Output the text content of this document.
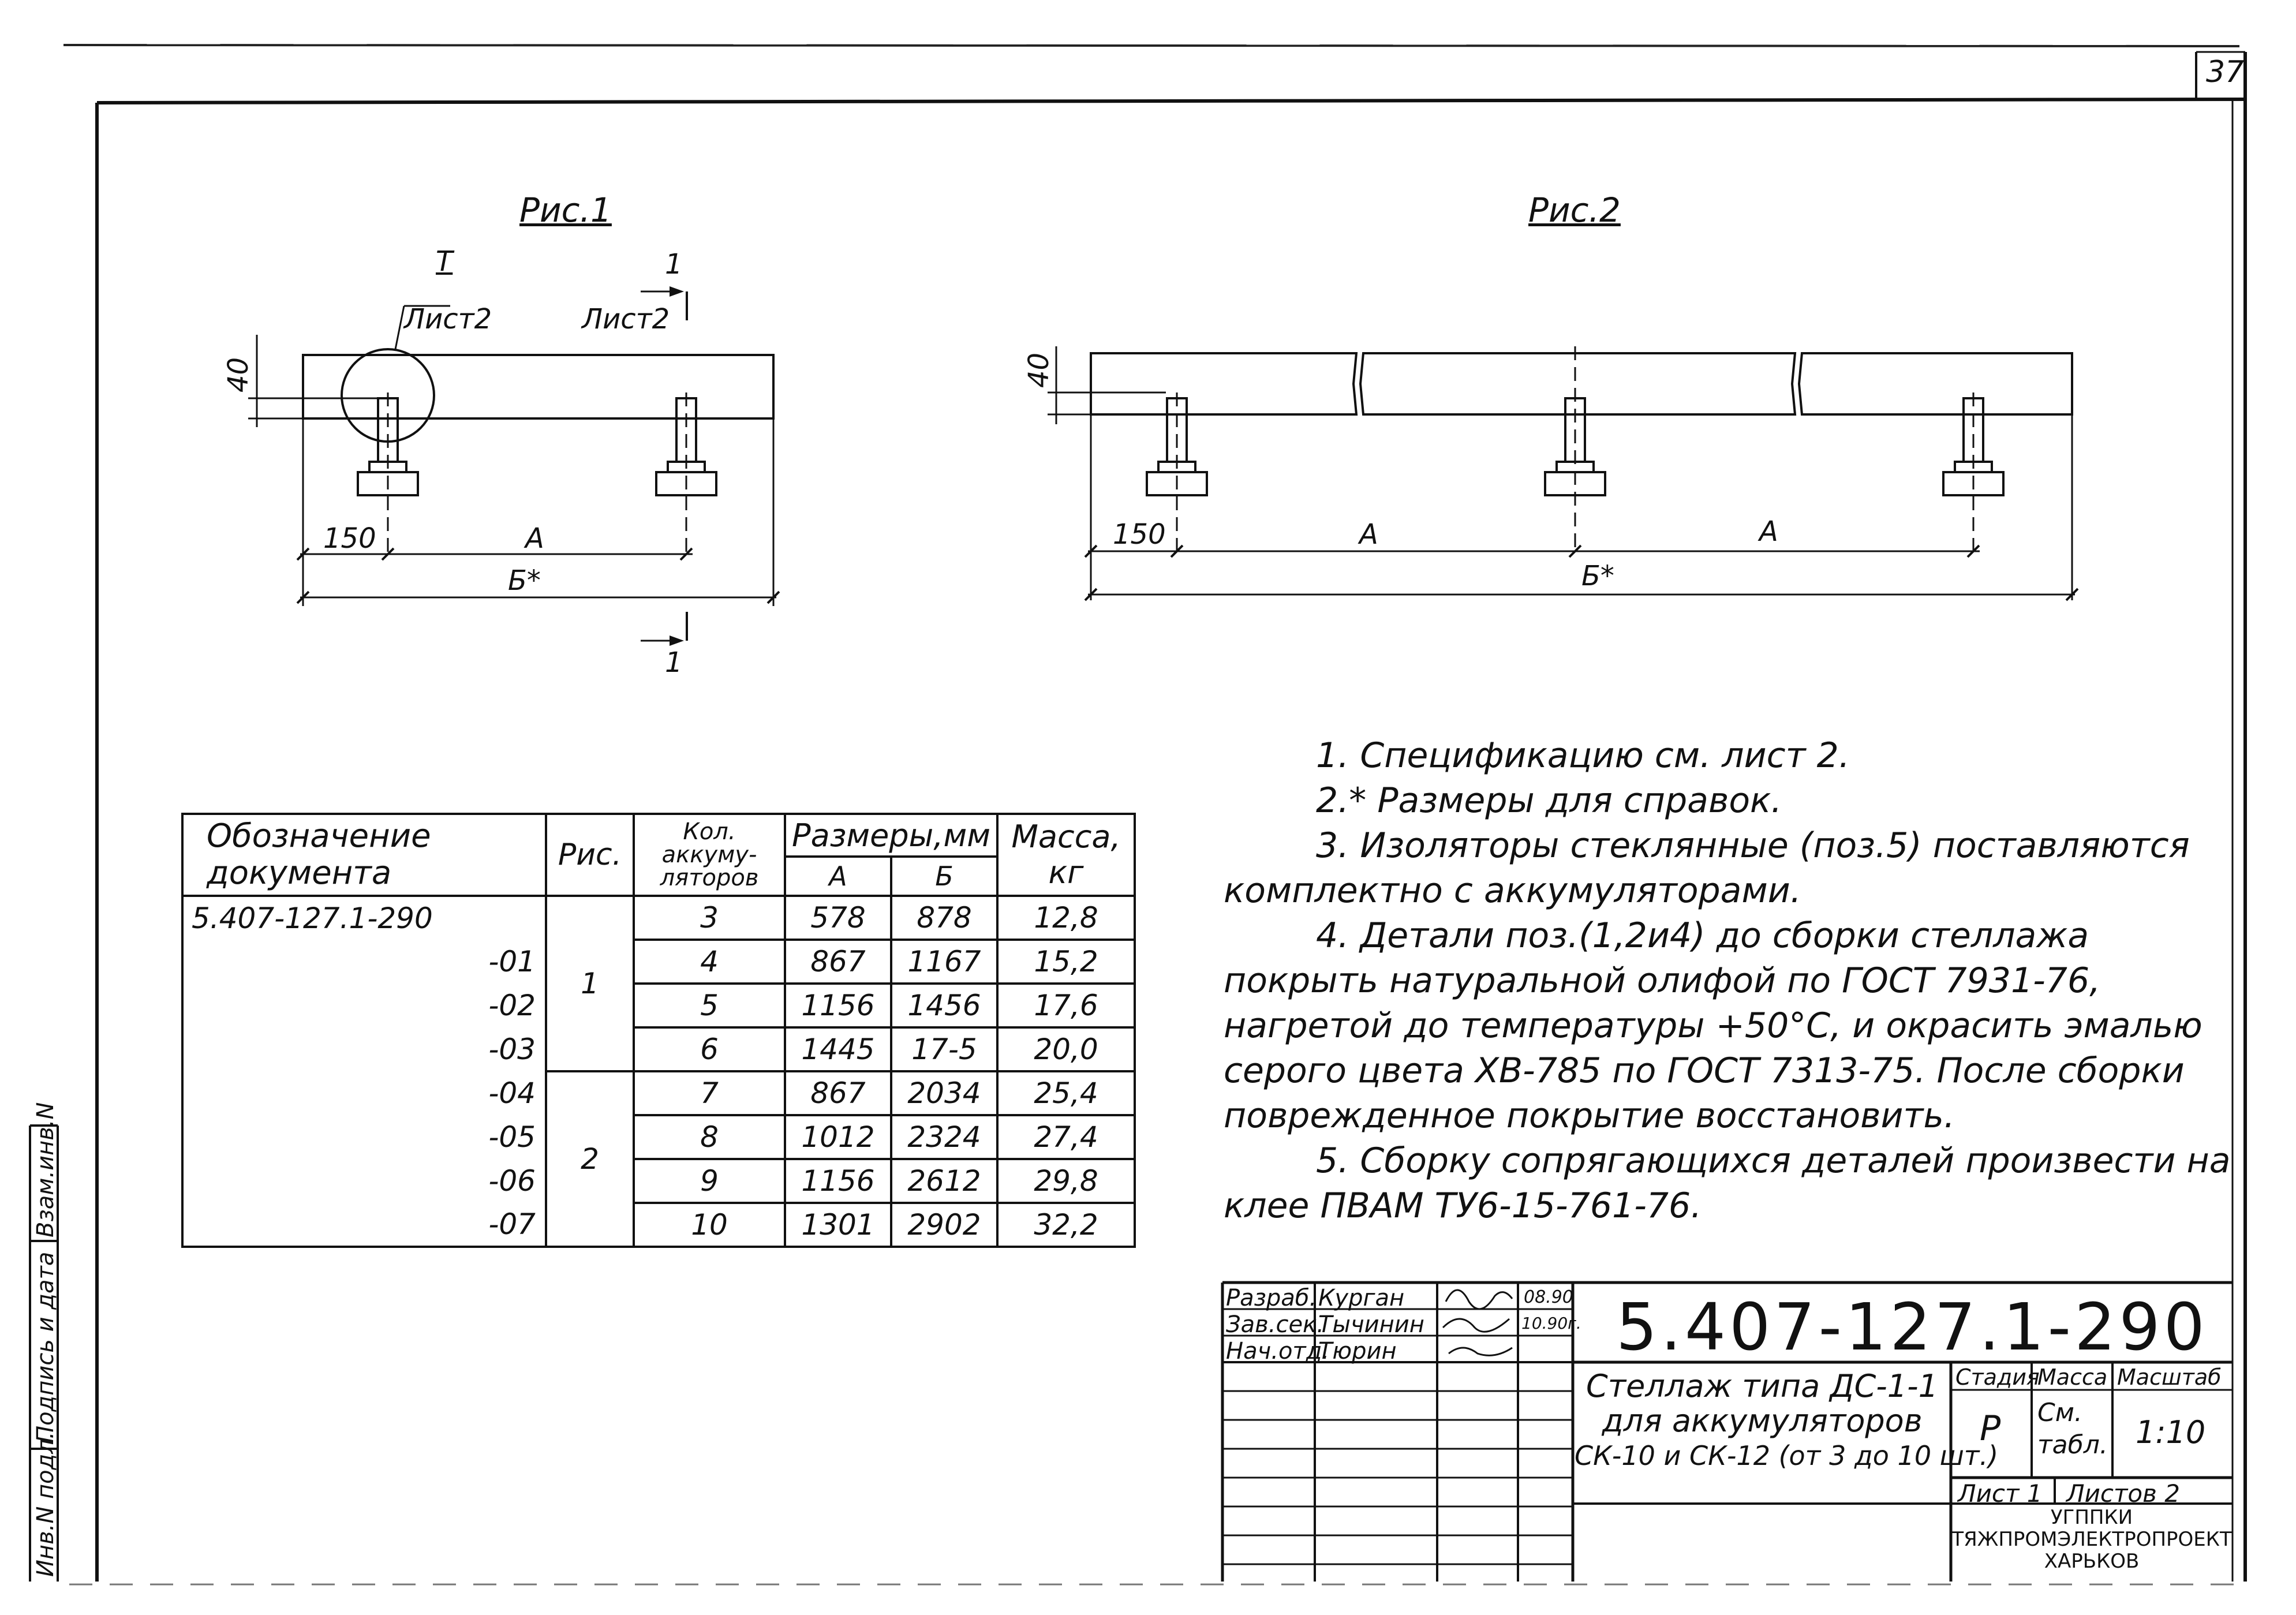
37
Рис.1
Т
Лист2
1
Лист2
1
40
150	А
Б*
Рис.2
40
150	А	А
Б*
Обозначение документа	Рис.	Кол. аккуму- ляторов	Размеры,мм		Масса, кг
			А	Б	
5.407-127.1-290	1	3	578	878	12,8
-01		4	867	1167	15,2
-02		5	1156	1456	17,6
-03		6	1445	17-5	20,0
-04	2	7	867	2034	25,4
-05		8	1012	2324	27,4
-06		9	1156	2612	29,8
-07		10	1301	2902	32,2

1. Спецификацию см. лист 2.

2.* Размеры для справок.

3. Изоляторы стеклянные (поз.5) поставляются комплектно с аккумуляторами.

4. Детали поз.(1,2и4) до сборки стеллажа покрыть натуральной олифой по ГОСТ 7931-76, нагретой до температуры +50°С, и окрасить эмалью серого цвета ХВ-785 по ГОСТ 7313-75. После сборки поврежденное покрытие восстановить.

5. Сборку сопрягающихся деталей произвести на клее ПВАМ ТУ6-15-761-76.

Разраб. Курган	08.90
Зав.сек.
Тычинин	10.90г.
Нач.отд.
Тюрин	5.407-127.1-290
Стеллаж типа ДС-1-1
для аккумуляторов
СК-10 и СК-12 (от 3 до 10 шт.)
Стадия
Масса Масштаб
Р См. табл. 1:10
Лист 1 Листов 2
УГППКИ
ТЯЖПРОМЭЛЕКТРОПРОЕКТ
ХАРЬКОВ
Инв.N подл.
Подпись и дата
Взам.инв.N
